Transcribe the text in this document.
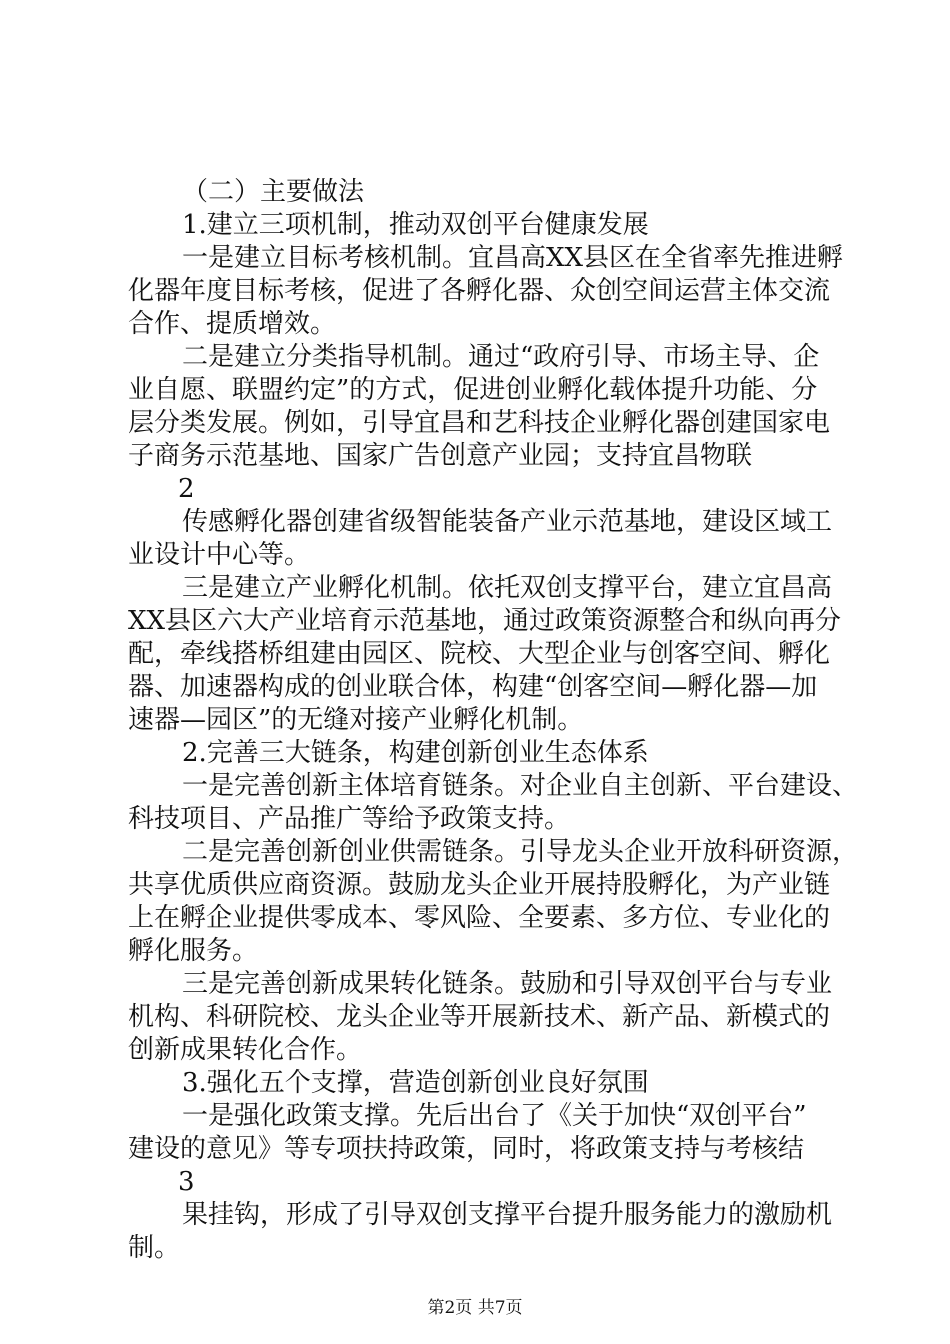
（二）主要做法
1.建立三项机制，推动双创平台健康发展
一是建立目标考核机制。宜昌高XX县区在全省率先推进孵
化器年度目标考核，促进了各孵化器、众创空间运营主体交流
合作、提质增效。
二是建立分类指导机制。通过“政府引导、市场主导、企
业自愿、联盟约定”的方式，促进创业孵化载体提升功能、分
层分类发展。例如，引导宜昌和艺科技企业孵化器创建国家电
子商务示范基地、国家广告创意产业园；支持宜昌物联
2
传感孵化器创建省级智能装备产业示范基地，建设区域工
业设计中心等。
三是建立产业孵化机制。依托双创支撑平台，建立宜昌高
XX县区六大产业培育示范基地，通过政策资源整合和纵向再分
配，牵线搭桥组建由园区、院校、大型企业与创客空间、孵化
器、加速器构成的创业联合体，构建“创客空间—孵化器—加
速器—园区”的无缝对接产业孵化机制。
2.完善三大链条，构建创新创业生态体系
一是完善创新主体培育链条。对企业自主创新、平台建设、
科技项目、产品推广等给予政策支持。
二是完善创新创业供需链条。引导龙头企业开放科研资源，
共享优质供应商资源。鼓励龙头企业开展持股孵化，为产业链
上在孵企业提供零成本、零风险、全要素、多方位、专业化的
孵化服务。
三是完善创新成果转化链条。鼓励和引导双创平台与专业
机构、科研院校、龙头企业等开展新技术、新产品、新模式的
创新成果转化合作。
3.强化五个支撑，营造创新创业良好氛围
一是强化政策支撑。先后出台了《关于加快“双创平台”
建设的意见》等专项扶持政策，同时，将政策支持与考核结
3
果挂钩，形成了引导双创支撑平台提升服务能力的激励机
制。
第2页 共7页
